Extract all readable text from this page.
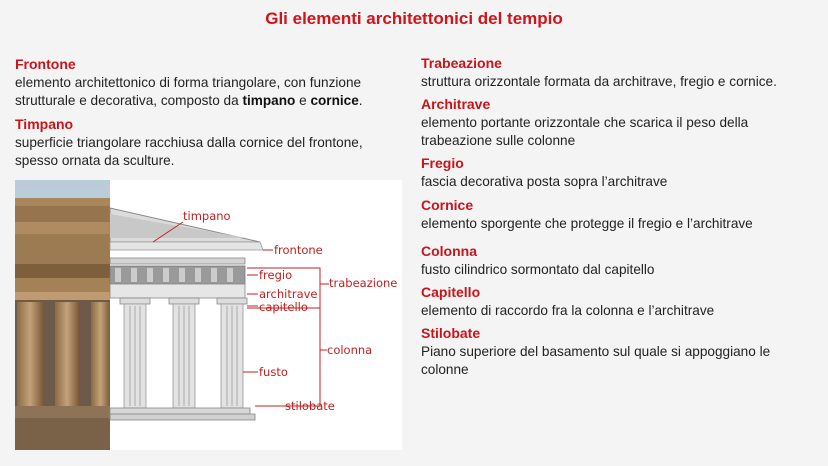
Gli elementi architettonici del tempio
Frontone
elemento architettonico di forma triangolare, con funzione strutturale e decorativa, composto da timpano e cornice.
Timpano
superficie triangolare racchiusa dalla cornice del frontone, spesso ornata da sculture.
Trabeazione
struttura orizzontale formata da architrave, fregio e cornice.
Architrave
elemento portante orizzontale che scarica il peso della trabeazione sulle colonne
Fregio
fascia decorativa posta sopra l’architrave
Cornice
elemento sporgente che protegge il fregio e l’architrave
Colonna
fusto cilindrico sormontato dal capitello
Capitello
elemento di raccordo fra la colonna e l’architrave
Stilobate
Piano superiore del basamento sul quale si appoggiano le colonne
timpano
frontone
fregio
architrave
capitello
trabeazione
colonna
fusto
stilobate
